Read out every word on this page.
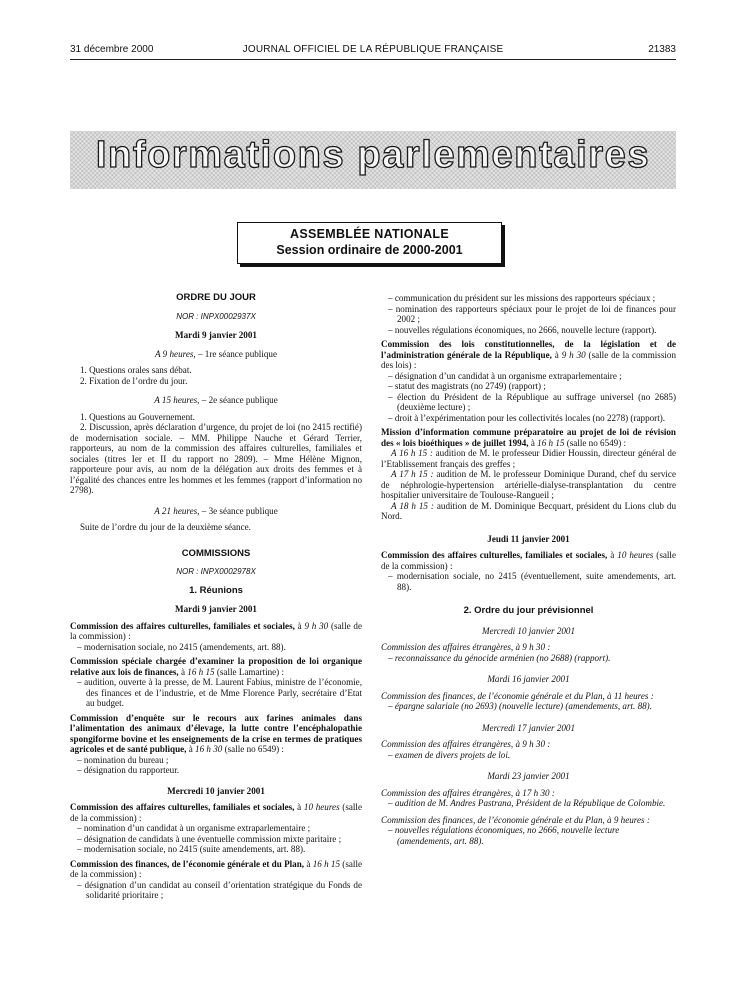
31 décembre 2000	JOURNAL OFFICIEL DE LA RÉPUBLIQUE FRANÇAISE	21383
Informations parlementaires
ASSEMBLÉE NATIONALE
Session ordinaire de 2000-2001

ORDRE DU JOUR

NOR : INPX0002937X

Mardi 9 janvier 2001

A 9 heures, – 1re séance publique

1. Questions orales sans débat.

2. Fixation de l’ordre du jour.

A 15 heures, – 2e séance publique

1. Questions au Gouvernement.

2. Discussion, après déclaration d’urgence, du projet de loi (no 2415 rectifié) de modernisation sociale. – MM. Philippe Nauche et Gérard Terrier, rapporteurs, au nom de la commission des affaires culturelles, familiales et sociales (titres Ier et II du rapport no 2809). – Mme Hélène Mignon, rapporteure pour avis, au nom de la délégation aux droits des femmes et à l’égalité des chances entre les hommes et les femmes (rapport d’information no 2798).

A 21 heures, – 3e séance publique

Suite de l’ordre du jour de la deuxième séance.

COMMISSIONS

NOR : INPX0002978X

1. Réunions

Mardi 9 janvier 2001

Commission des affaires culturelles, familiales et sociales, à 9 h 30 (salle de la commission) :

– modernisation sociale, no 2415 (amendements, art. 88).

Commission spéciale chargée d’examiner la proposition de loi organique relative aux lois de finances, à 16 h 15 (salle Lamartine) :

– audition, ouverte à la presse, de M. Laurent Fabius, ministre de l’économie, des finances et de l’industrie, et de Mme Florence Parly, secrétaire d’Etat au budget.

Commission d’enquête sur le recours aux farines animales dans l’alimentation des animaux d’élevage, la lutte contre l’encéphalopathie spongiforme bovine et les enseignements de la crise en termes de pratiques agricoles et de santé publique, à 16 h 30 (salle no 6549) :

– nomination du bureau ;

– désignation du rapporteur.

Mercredi 10 janvier 2001

Commission des affaires culturelles, familiales et sociales, à 10 heures (salle de la commission) :

– nomination d’un candidat à un organisme extraparlementaire ;

– désignation de candidats à une éventuelle commission mixte paritaire ;

– modernisation sociale, no 2415 (suite amendements, art. 88).

Commission des finances, de l’économie générale et du Plan, à 16 h 15 (salle de la commission) :

– désignation d’un candidat au conseil d’orientation stratégique du Fonds de solidarité prioritaire ;

– communication du président sur les missions des rapporteurs spéciaux ;

– nomination des rapporteurs spéciaux pour le projet de loi de finances pour 2002 ;

– nouvelles régulations économiques, no 2666, nouvelle lecture (rapport).

Commission des lois constitutionnelles, de la législation et de l’administration générale de la République, à 9 h 30 (salle de la commission des lois) :

– désignation d’un candidat à un organisme extraparlementaire ;

– statut des magistrats (no 2749) (rapport) ;

– élection du Président de la République au suffrage universel (no 2685) (deuxième lecture) ;

– droit à l’expérimentation pour les collectivités locales (no 2278) (rapport).

Mission d’information commune préparatoire au projet de loi de révision des « lois bioéthiques » de juillet 1994, à 16 h 15 (salle no 6549) :

A 16 h 15 : audition de M. le professeur Didier Houssin, directeur général de l’Etablissement français des greffes ;

A 17 h 15 : audition de M. le professeur Dominique Durand, chef du service de néphrologie-hypertension artérielle-dialyse-transplantation du centre hospitalier universitaire de Toulouse-Rangueil ;

A 18 h 15 : audition de M. Dominique Becquart, président du Lions club du Nord.

Jeudi 11 janvier 2001

Commission des affaires culturelles, familiales et sociales, à 10 heures (salle de la commission) :

– modernisation sociale, no 2415 (éventuellement, suite amendements, art. 88).

2. Ordre du jour prévisionnel

Mercredi 10 janvier 2001

Commission des affaires étrangères, à 9 h 30 :

– reconnaissance du génocide arménien (no 2688) (rapport).

Mardi 16 janvier 2001

Commission des finances, de l’économie générale et du Plan, à 11 heures :

– épargne salariale (no 2693) (nouvelle lecture) (amendements, art. 88).

Mercredi 17 janvier 2001

Commission des affaires étrangères, à 9 h 30 :

– examen de divers projets de loi.

Mardi 23 janvier 2001

Commission des affaires étrangères, à 17 h 30 :

– audition de M. Andres Pastrana, Président de la République de Colombie.

Commission des finances, de l’économie générale et du Plan, à 9 heures :

– nouvelles régulations économiques, no 2666, nouvelle lecture (amendements, art. 88).
